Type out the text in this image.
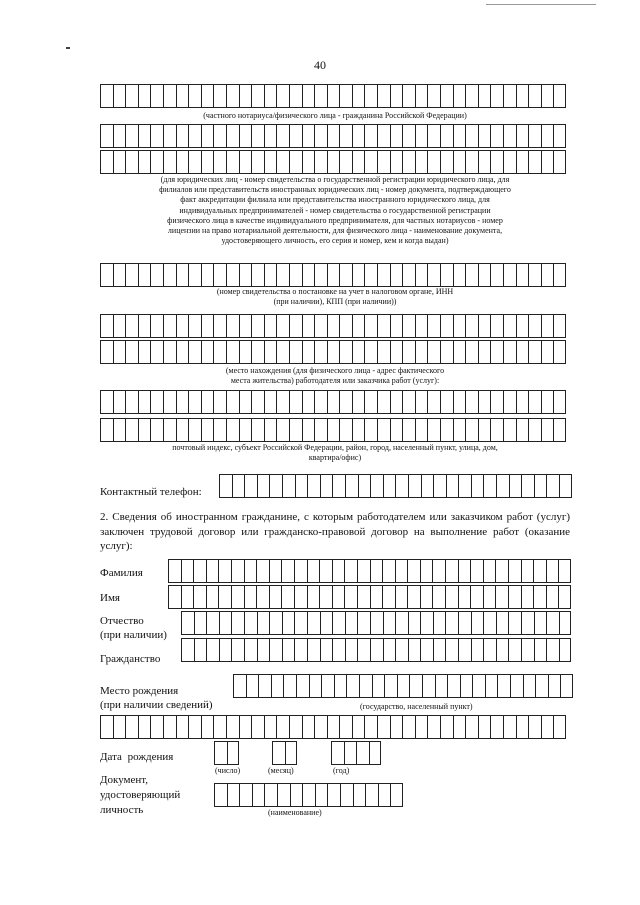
40
(частного нотариуса/физического лица - гражданина Российской Федерации)
(для юридических лиц - номер свидетельства о государственной регистрации юридического лица, для
филиалов или представительств иностранных юридических лиц - номер документа, подтверждающего
факт аккредитации филиала или представительства иностранного юридического лица, для
индивидуальных предпринимателей - номер свидетельства о государственной регистрации
физического лица в качестве индивидуального предпринимателя, для частных нотариусов - номер
лицензии на право нотариальной деятельности, для физического лица - наименование документа,
удостоверяющего личность, его серия и номер, кем и когда выдан)
(номер свидетельства о постановке на учет в налоговом органе, ИНН
(при наличии), КПП (при наличии))
(место нахождения (для физического лица - адрес фактического
места жительства) работодателя или заказчика работ (услуг):
почтовый индекс, субъект Российской Федерации, район, город, населенный пункт, улица, дом,
квартира/офис)
Контактный телефон:
2. Сведения об иностранном гражданине, с которым работодателем или заказчиком работ (услуг) заключен трудовой договор или гражданско-правовой договор на выполнение работ (оказание услуг):
Фамилия
Имя
Отчество
(при наличии)
Гражданство
Место рождения
(при наличии сведений)	(государство, населенный пункт)
Дата рождения
(число)	(месяц)	(год)
Документ,
удостоверяющий
личность	(наименование)
